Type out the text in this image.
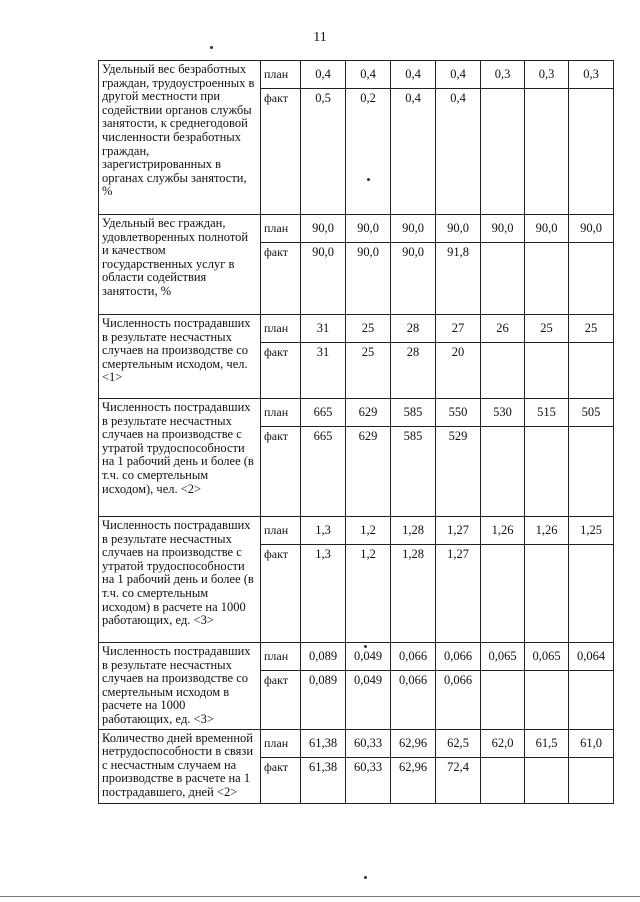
11
Удельный вес безработных граждан, трудоустроенных в другой местности при содействии органов службы занятости, к среднегодовой численности безработных граждан, зарегистрированных в органах службы занятости, %	план	0,4	0,4	0,4	0,4	0,3	0,3	0,3
	факт	0,5	0,2	0,4	0,4			
Удельный вес граждан, удовлетворенных полнотой и качеством государственных услуг в области содействия занятости, %	план	90,0	90,0	90,0	90,0	90,0	90,0	90,0
	факт	90,0	90,0	90,0	91,8			
Численность пострадавших в результате несчастных случаев на производстве со смертельным исходом, чел. <1>	план	31	25	28	27	26	25	25
	факт	31	25	28	20			
Численность пострадавших в результате несчастных случаев на производстве с утратой трудоспособности на 1 рабочий день и более (в т.ч. со смертельным исходом), чел. <2>	план	665	629	585	550	530	515	505
	факт	665	629	585	529			
Численность пострадавших в результате несчастных случаев на производстве с утратой трудоспособности на 1 рабочий день и более (в т.ч. со смертельным исходом) в расчете на 1000 работающих, ед. <3>	план	1,3	1,2	1,28	1,27	1,26	1,26	1,25
	факт	1,3	1,2	1,28	1,27			
Численность пострадавших в результате несчастных случаев на производстве со смертельным исходом в расчете на 1000 работающих, ед. <3>	план	0,089	0,049	0,066	0,066	0,065	0,065	0,064
	факт	0,089	0,049	0,066	0,066			
Количество дней временной нетрудоспособности в связи с несчастным случаем на производстве в расчете на 1 пострадавшего, дней <2>	план	61,38	60,33	62,96	62,5	62,0	61,5	61,0
	факт	61,38	60,33	62,96	72,4			
